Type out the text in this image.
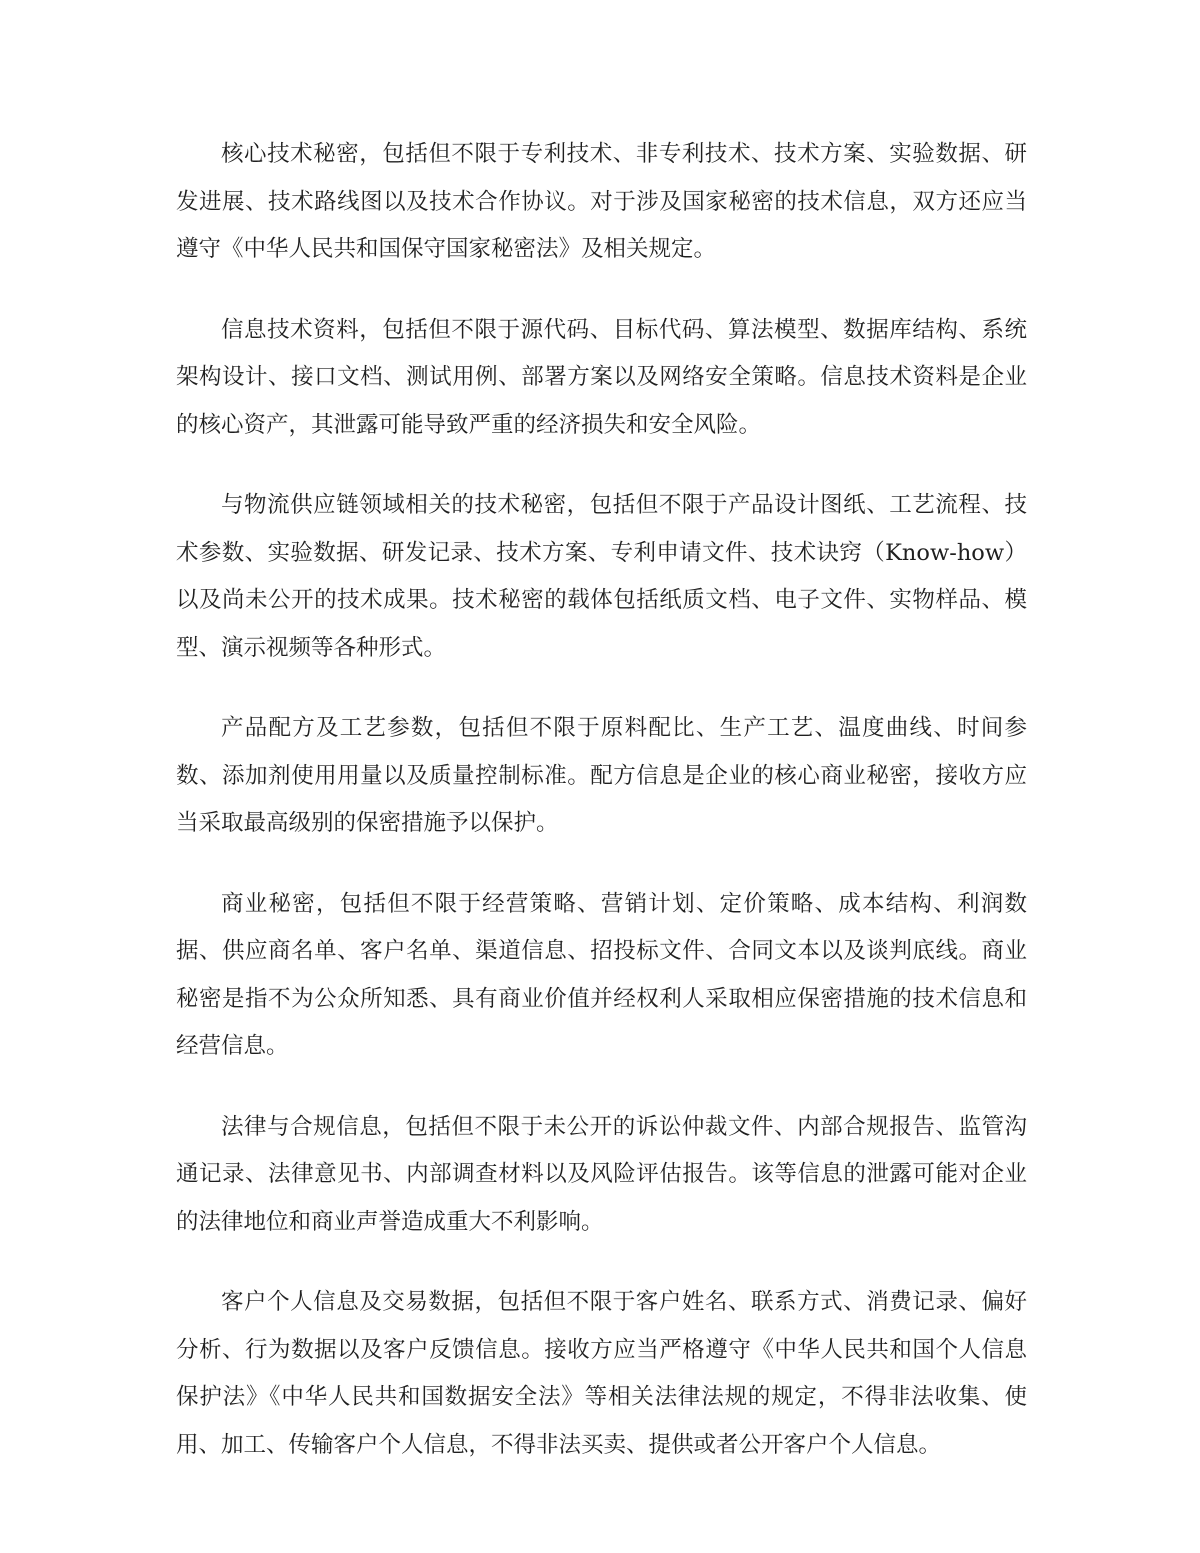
核心技术秘密，包括但不限于专利技术、非专利技术、技术方案、实验数据、研发进展、技术路线图以及技术合作协议。对于涉及国家秘密的技术信息，双方还应当遵守《中华人民共和国保守国家秘密法》及相关规定。

信息技术资料，包括但不限于源代码、目标代码、算法模型、数据库结构、系统架构设计、接口文档、测试用例、部署方案以及网络安全策略。信息技术资料是企业的核心资产，其泄露可能导致严重的经济损失和安全风险。

与物流供应链领域相关的技术秘密，包括但不限于产品设计图纸、工艺流程、技术参数、实验数据、研发记录、技术方案、专利申请文件、技术诀窍（Know-how）以及尚未公开的技术成果。技术秘密的载体包括纸质文档、电子文件、实物样品、模型、演示视频等各种形式。

产品配方及工艺参数，包括但不限于原料配比、生产工艺、温度曲线、时间参数、添加剂使用用量以及质量控制标准。配方信息是企业的核心商业秘密，接收方应当采取最高级别的保密措施予以保护。

商业秘密，包括但不限于经营策略、营销计划、定价策略、成本结构、利润数据、供应商名单、客户名单、渠道信息、招投标文件、合同文本以及谈判底线。商业秘密是指不为公众所知悉、具有商业价值并经权利人采取相应保密措施的技术信息和经营信息。

法律与合规信息，包括但不限于未公开的诉讼仲裁文件、内部合规报告、监管沟通记录、法律意见书、内部调查材料以及风险评估报告。该等信息的泄露可能对企业的法律地位和商业声誉造成重大不利影响。

客户个人信息及交易数据，包括但不限于客户姓名、联系方式、消费记录、偏好分析、行为数据以及客户反馈信息。接收方应当严格遵守《中华人民共和国个人信息保护法》《中华人民共和国数据安全法》等相关法律法规的规定，不得非法收集、使用、加工、传输客户个人信息，不得非法买卖、提供或者公开客户个人信息。
